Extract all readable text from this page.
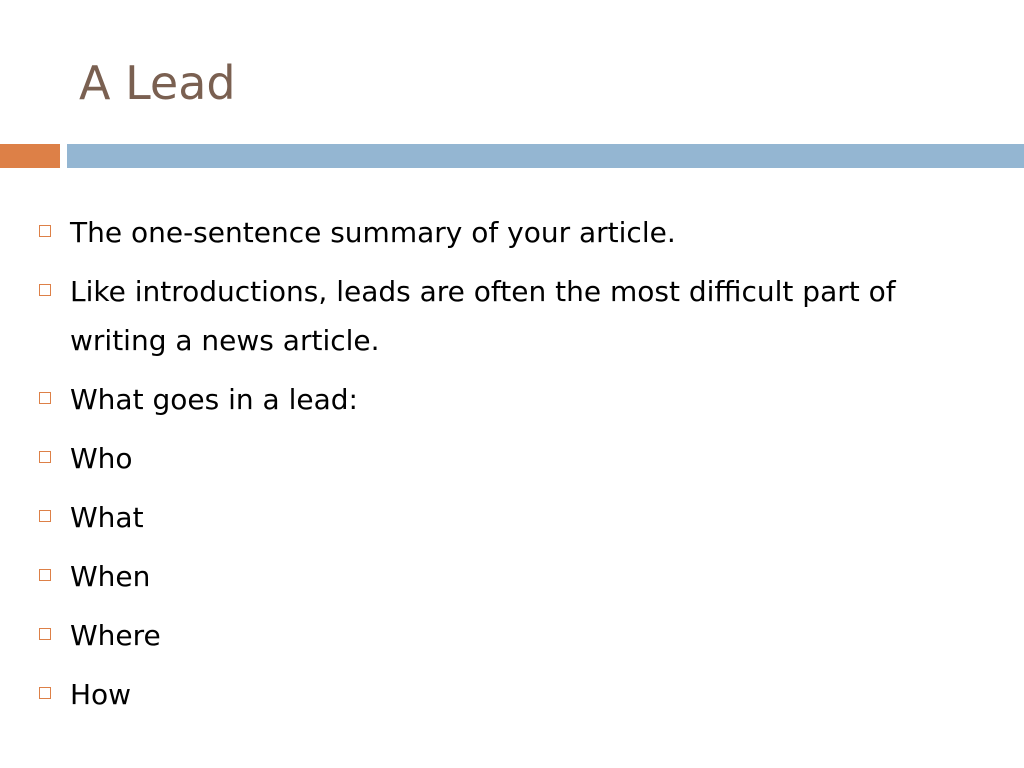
A Lead
The one-sentence summary of your article.
Like introductions, leads are often the most difficult part of writing a news article.
What goes in a lead:
Who
What
When
Where
How
